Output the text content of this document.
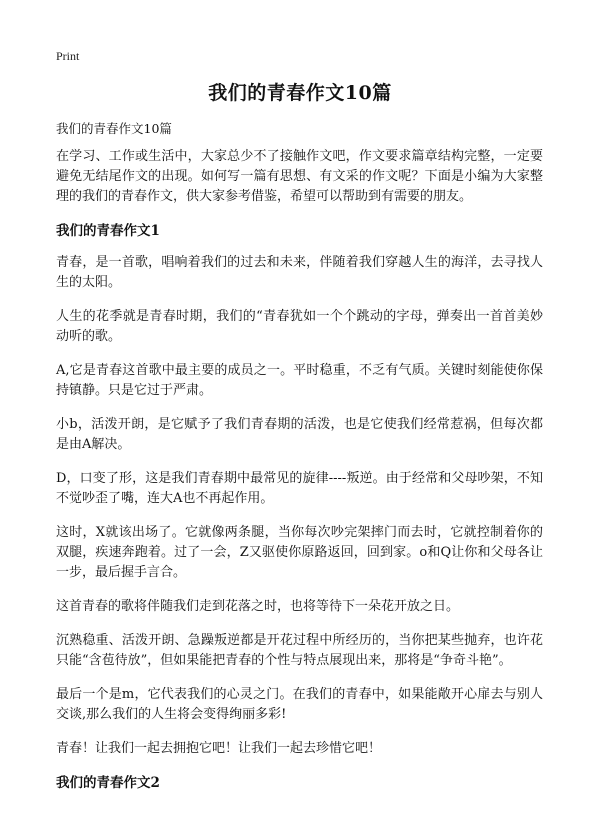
Print
我们的青春作文10篇
我们的青春作文10篇

在学习、工作或生活中，大家总少不了接触作文吧，作文要求篇章结构完整，一定要避免无结尾作文的出现。如何写一篇有思想、有文采的作文呢？下面是小编为大家整理的我们的青春作文，供大家参考借鉴，希望可以帮助到有需要的朋友。

我们的青春作文1

青春，是一首歌，唱响着我们的过去和未来，伴随着我们穿越人生的海洋，去寻找人生的太阳。

人生的花季就是青春时期，我们的“青春犹如一个个跳动的字母，弹奏出一首首美妙动听的歌。

A,它是青春这首歌中最主要的成员之一。平时稳重，不乏有气质。关键时刻能使你保持镇静。只是它过于严肃。

小b，活泼开朗，是它赋予了我们青春期的活泼，也是它使我们经常惹祸，但每次都是由A解决。

D，口变了形，这是我们青春期中最常见的旋律----叛逆。由于经常和父母吵架，不知不觉吵歪了嘴，连大A也不再起作用。

这时，X就该出场了。它就像两条腿，当你每次吵完架摔门而去时，它就控制着你的双腿，疾速奔跑着。过了一会，Z又驱使你原路返回，回到家。o和Q让你和父母各让一步，最后握手言合。

这首青春的歌将伴随我们走到花落之时，也将等待下一朵花开放之日。

沉熟稳重、活泼开朗、急躁叛逆都是开花过程中所经历的，当你把某些抛弃，也许花只能“含苞待放”，但如果能把青春的个性与特点展现出来，那将是“争奇斗艳”。

最后一个是m，它代表我们的心灵之门。在我们的青春中，如果能敞开心扉去与别人交谈,那么我们的人生将会变得绚丽多彩!

青春！让我们一起去拥抱它吧！让我们一起去珍惜它吧！

我们的青春作文2
